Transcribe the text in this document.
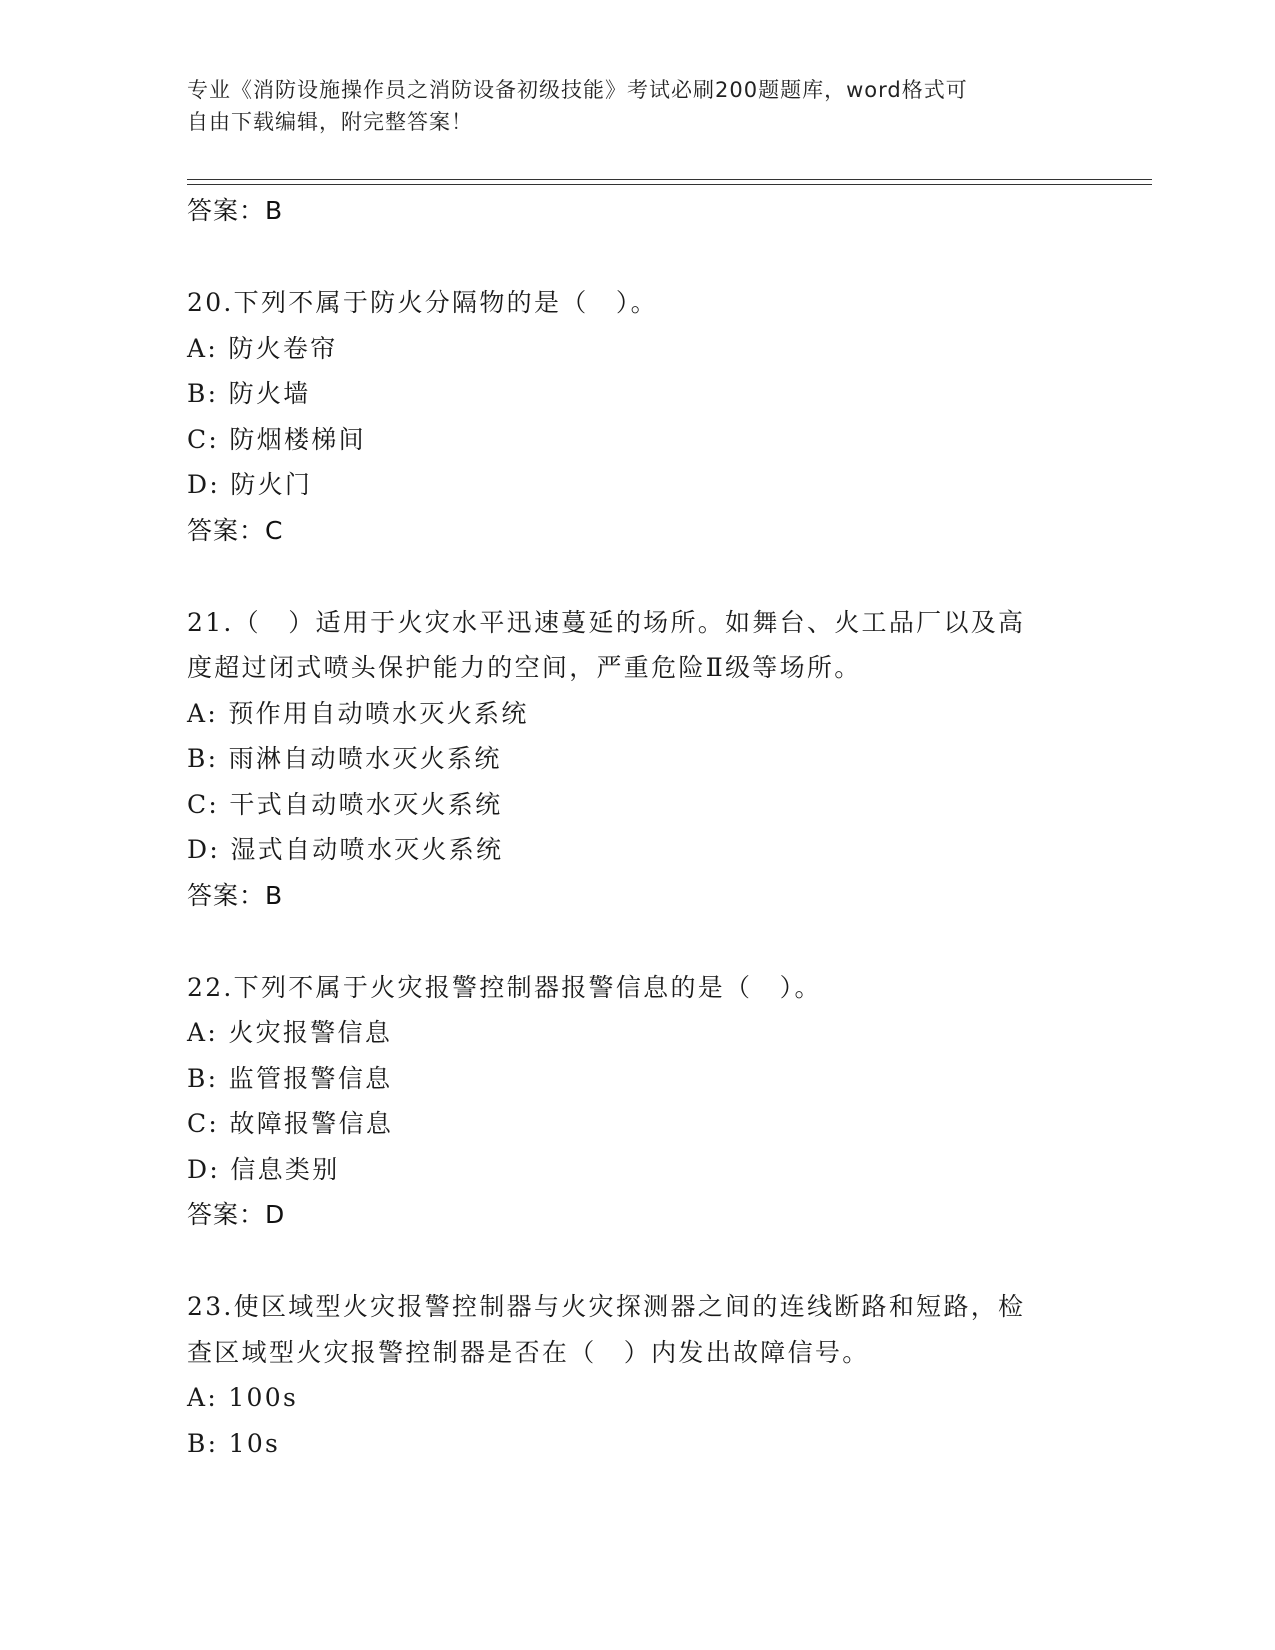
专业《消防设施操作员之消防设备初级技能》考试必刷200题题库，word格式可
自由下载编辑，附完整答案！
答案：B
20.下列不属于防火分隔物的是（　）。
A: 防火卷帘
B: 防火墙
C: 防烟楼梯间
D: 防火门
答案：C
21.（　）适用于火灾水平迅速蔓延的场所。如舞台、火工品厂以及高
度超过闭式喷头保护能力的空间，严重危险Ⅱ级等场所。
A: 预作用自动喷水灭火系统
B: 雨淋自动喷水灭火系统
C: 干式自动喷水灭火系统
D: 湿式自动喷水灭火系统
答案：B
22.下列不属于火灾报警控制器报警信息的是（　）。
A: 火灾报警信息
B: 监管报警信息
C: 故障报警信息
D: 信息类别
答案：D
23.使区域型火灾报警控制器与火灾探测器之间的连线断路和短路，检
查区域型火灾报警控制器是否在（　）内发出故障信号。
A: 100s
B: 10s
